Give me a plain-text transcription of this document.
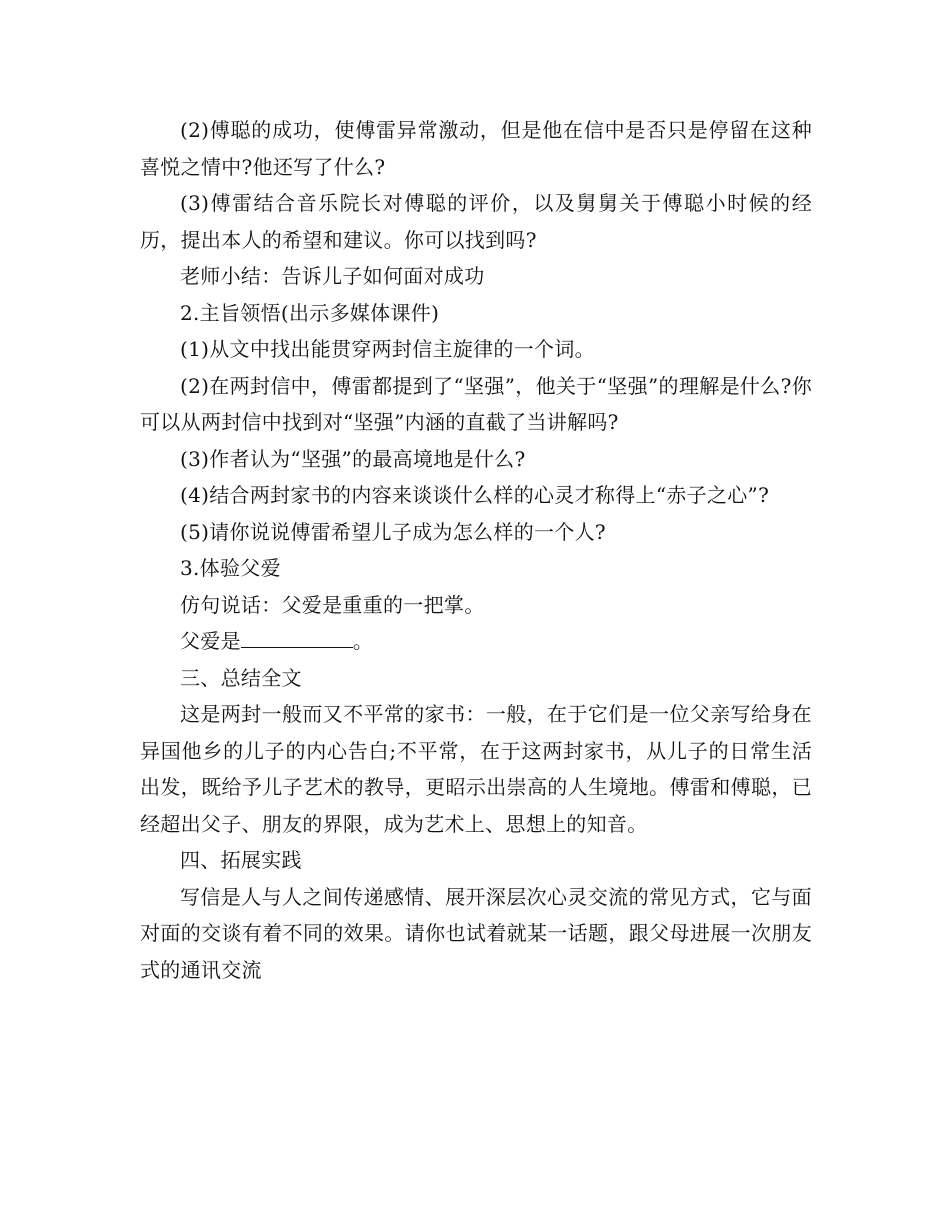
(2)傅聪的成功，使傅雷异常激动，但是他在信中是否只是停留在这种喜悦之情中?他还写了什么?

(3)傅雷结合音乐院长对傅聪的评价，以及舅舅关于傅聪小时候的经历，提出本人的希望和建议。你可以找到吗?

老师小结：告诉儿子如何面对成功

2.主旨领悟(出示多媒体课件)

(1)从文中找出能贯穿两封信主旋律的一个词。

(2)在两封信中，傅雷都提到了“坚强”，他关于“坚强”的理解是什么?你可以从两封信中找到对“坚强”内涵的直截了当讲解吗?

(3)作者认为“坚强”的最高境地是什么?

(4)结合两封家书的内容来谈谈什么样的心灵才称得上“赤子之心”?

(5)请你说说傅雷希望儿子成为怎么样的一个人?

3.体验父爱

仿句说话：父爱是重重的一把掌。

父爱是	。

三、总结全文

这是两封一般而又不平常的家书：一般，在于它们是一位父亲写给身在异国他乡的儿子的内心告白;不平常，在于这两封家书，从儿子的日常生活出发，既给予儿子艺术的教导，更昭示出崇高的人生境地。傅雷和傅聪，已经超出父子、朋友的界限，成为艺术上、思想上的知音。

四、拓展实践

写信是人与人之间传递感情、展开深层次心灵交流的常见方式，它与面对面的交谈有着不同的效果。请你也试着就某一话题，跟父母进展一次朋友式的通讯交流
